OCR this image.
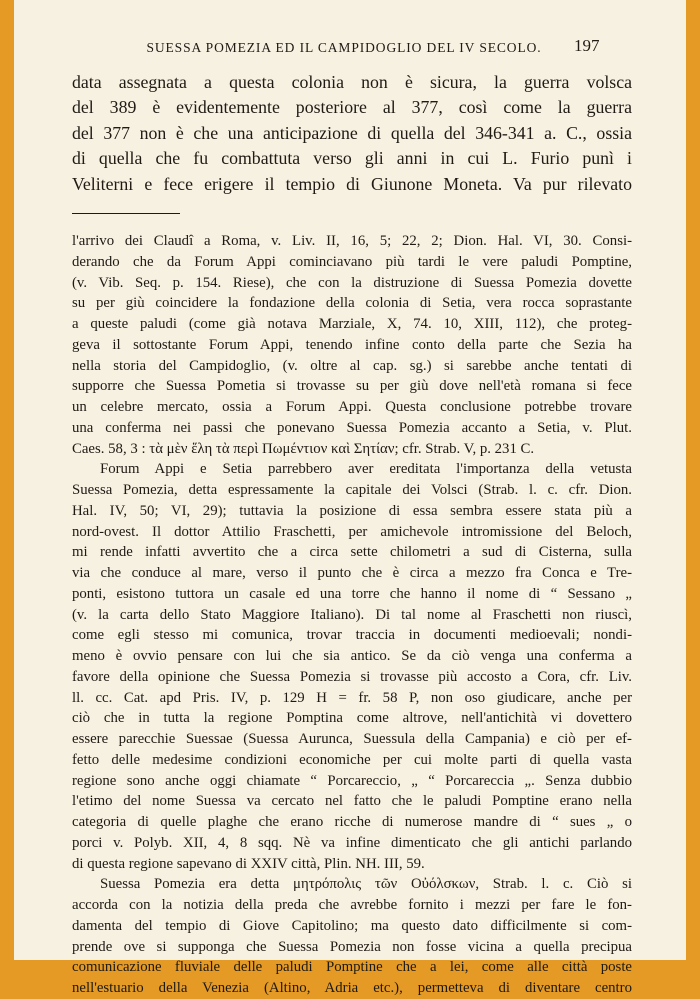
SUESSA POMEZIA ED IL CAMPIDOGLIO DEL IV SECOLO.	197
data assegnata a questa colonia non è sicura, la guerra volsca
del 389 è evidentemente posteriore al 377, così come la guerra
del 377 non è che una anticipazione di quella del 346-341 a. C., ossia
di quella che fu combattuta verso gli anni in cui L. Furio punì i
Veliterni e fece erigere il tempio di Giunone Moneta. Va pur rilevato
l'arrivo dei Claudî a Roma, v. Liv. II, 16, 5; 22, 2; Dion. Hal. VI, 30. Consi-
derando che da Forum Appi cominciavano più tardi le vere paludi Pomptine,
(v. Vib. Seq. p. 154. Riese), che con la distruzione di Suessa Pomezia dovette
su per giù coincidere la fondazione della colonia di Setia, vera rocca soprastante
a queste paludi (come già notava Marziale, X, 74. 10, XIII, 112), che proteg-
geva il sottostante Forum Appi, tenendo infine conto della parte che Sezia ha
nella storia del Campidoglio, (v. oltre al cap. sg.) si sarebbe anche tentati di
supporre che Suessa Pometia si trovasse su per giù dove nell'età romana si fece
un celebre mercato, ossia a Forum Appi. Questa conclusione potrebbe trovare
una conferma nei passi che ponevano Suessa Pomezia accanto a Setia, v. Plut.
Caes. 58, 3 : τὰ μὲν ἕλη τὰ περὶ Πωμέντιον καὶ Σητίαν; cfr. Strab. V, p. 231 C.
Forum Appi e Setia parrebbero aver ereditata l'importanza della vetusta
Suessa Pomezia, detta espressamente la capitale dei Volsci (Strab. l. c. cfr. Dion.
Hal. IV, 50; VI, 29); tuttavia la posizione di essa sembra essere stata più a
nord-ovest. Il dottor Attilio Fraschetti, per amichevole intromissione del Beloch,
mi rende infatti avvertito che a circa sette chilometri a sud di Cisterna, sulla
via che conduce al mare, verso il punto che è circa a mezzo fra Conca e Tre-
ponti, esistono tuttora un casale ed una torre che hanno il nome di “ Sessano „
(v. la carta dello Stato Maggiore Italiano). Di tal nome al Fraschetti non riuscì,
come egli stesso mi comunica, trovar traccia in documenti medioevali; nondi-
meno è ovvio pensare con lui che sia antico. Se da ciò venga una conferma a
favore della opinione che Suessa Pomezia si trovasse più accosto a Cora, cfr. Liv.
ll. cc. Cat. apd Pris. IV, p. 129 H = fr. 58 P, non oso giudicare, anche per
ciò che in tutta la regione Pomptina come altrove, nell'antichità vi dovettero
essere parecchie Suessae (Suessa Aurunca, Suessula della Campania) e ciò per ef-
fetto delle medesime condizioni economiche per cui molte parti di quella vasta
regione sono anche oggi chiamate “ Porcareccio, „ “ Porcareccia „. Senza dubbio
l'etimo del nome Suessa va cercato nel fatto che le paludi Pomptine erano nella
categoria di quelle plaghe che erano ricche di numerose mandre di “ sues „ o
porci v. Polyb. XII, 4, 8 sqq. Nè va infine dimenticato che gli antichi parlando
di questa regione sapevano di XXIV città, Plin. NH. III, 59.
Suessa Pomezia era detta μητρόπολις τῶν Οὐόλσκων, Strab. l. c. Ciò si
accorda con la notizia della preda che avrebbe fornito i mezzi per fare le fon-
damenta del tempio di Giove Capitolino; ma questo dato difficilmente si com-
prende ove si supponga che Suessa Pomezia non fosse vicina a quella precipua
comunicazione fluviale delle paludi Pomptine che a lei, come alle città poste
nell'estuario della Venezia (Altino, Adria etc.), permetteva di diventare centro
